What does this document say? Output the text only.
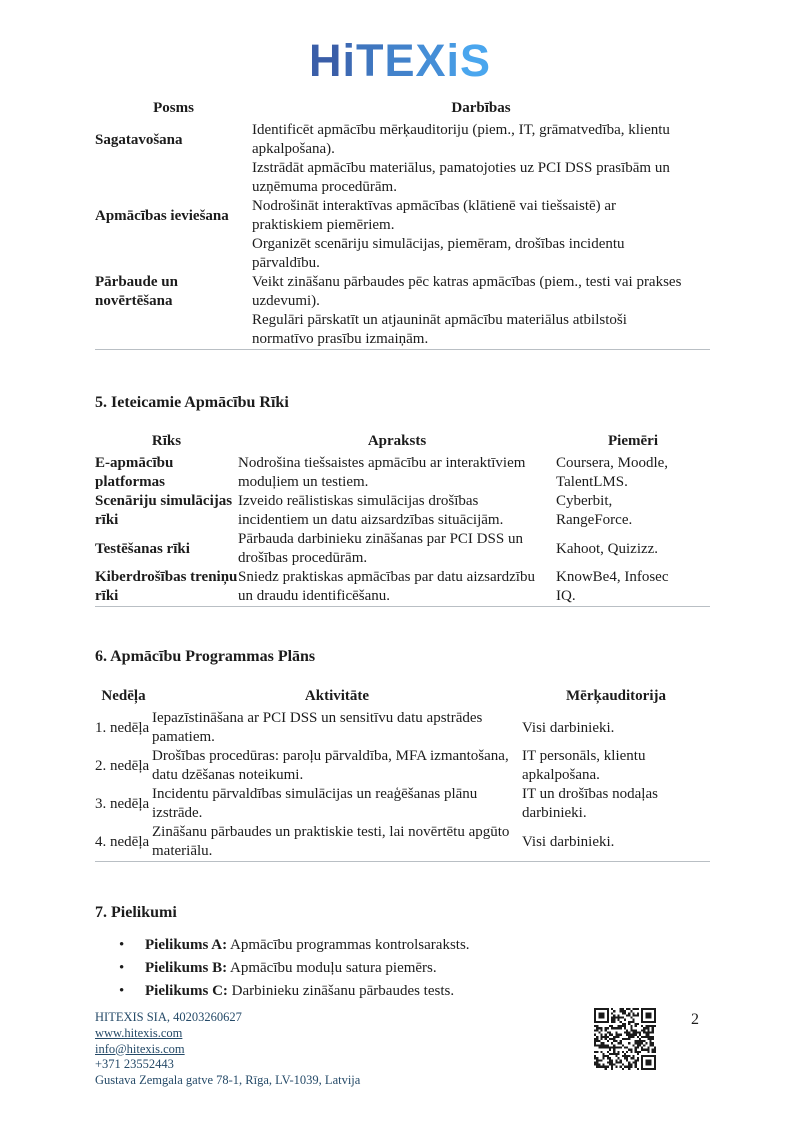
HiTEXiS
Posms	Darbības
Sagatavošana	Identificēt apmācību mērķauditoriju (piem., IT, grāmatvedība, klientu apkalpošana).
	Izstrādāt apmācību materiālus, pamatojoties uz PCI DSS prasībām un uzņēmuma procedūrām.
Apmācības ieviešana	Nodrošināt interaktīvas apmācības (klātienē vai tiešsaistē) ar praktiskiem piemēriem.
	Organizēt scenāriju simulācijas, piemēram, drošības incidentu pārvaldību.
Pārbaude un novērtēšana	Veikt zināšanu pārbaudes pēc katras apmācības (piem., testi vai prakses uzdevumi).
	Regulāri pārskatīt un atjaunināt apmācību materiālus atbilstoši normatīvo prasību izmaiņām.
5. Ieteicamie Apmācību Rīki
Rīks	Apraksts	Piemēri
E-apmācību platformas	Nodrošina tiešsaistes apmācību ar interaktīviem moduļiem un testiem.	Coursera, Moodle, TalentLMS.
Scenāriju simulācijas rīki	Izveido reālistiskas simulācijas drošības incidentiem un datu aizsardzības situācijām.	Cyberbit, RangeForce.
Testēšanas rīki	Pārbauda darbinieku zināšanas par PCI DSS un drošības procedūrām.	Kahoot, Quizizz.
Kiberdrošības treniņu rīki	Sniedz praktiskas apmācības par datu aizsardzību un draudu identificēšanu.	KnowBe4, Infosec IQ.
6. Apmācību Programmas Plāns
Nedēļa	Aktivitāte	Mērķauditorija
1. nedēļa	Iepazīstināšana ar PCI DSS un sensitīvu datu apstrādes pamatiem.	Visi darbinieki.
2. nedēļa	Drošības procedūras: paroļu pārvaldība, MFA izmantošana, datu dzēšanas noteikumi.	IT personāls, klientu apkalpošana.
3. nedēļa	Incidentu pārvaldības simulācijas un reaģēšanas plānu izstrāde.	IT un drošības nodaļas darbinieki.
4. nedēļa	Zināšanu pārbaudes un praktiskie testi, lai novērtētu apgūto materiālu.	Visi darbinieki.
7. Pielikumi
• Pielikums A: Apmācību programmas kontrolsaraksts.
• Pielikums B: Apmācību moduļu satura piemērs.
• Pielikums C: Darbinieku zināšanu pārbaudes tests.
HITEXIS SIA, 40203260627
www.hitexis.com
info@hitexis.com
+371 23552443
Gustava Zemgala gatve 78-1, Rīga, LV-1039, Latvija
2
